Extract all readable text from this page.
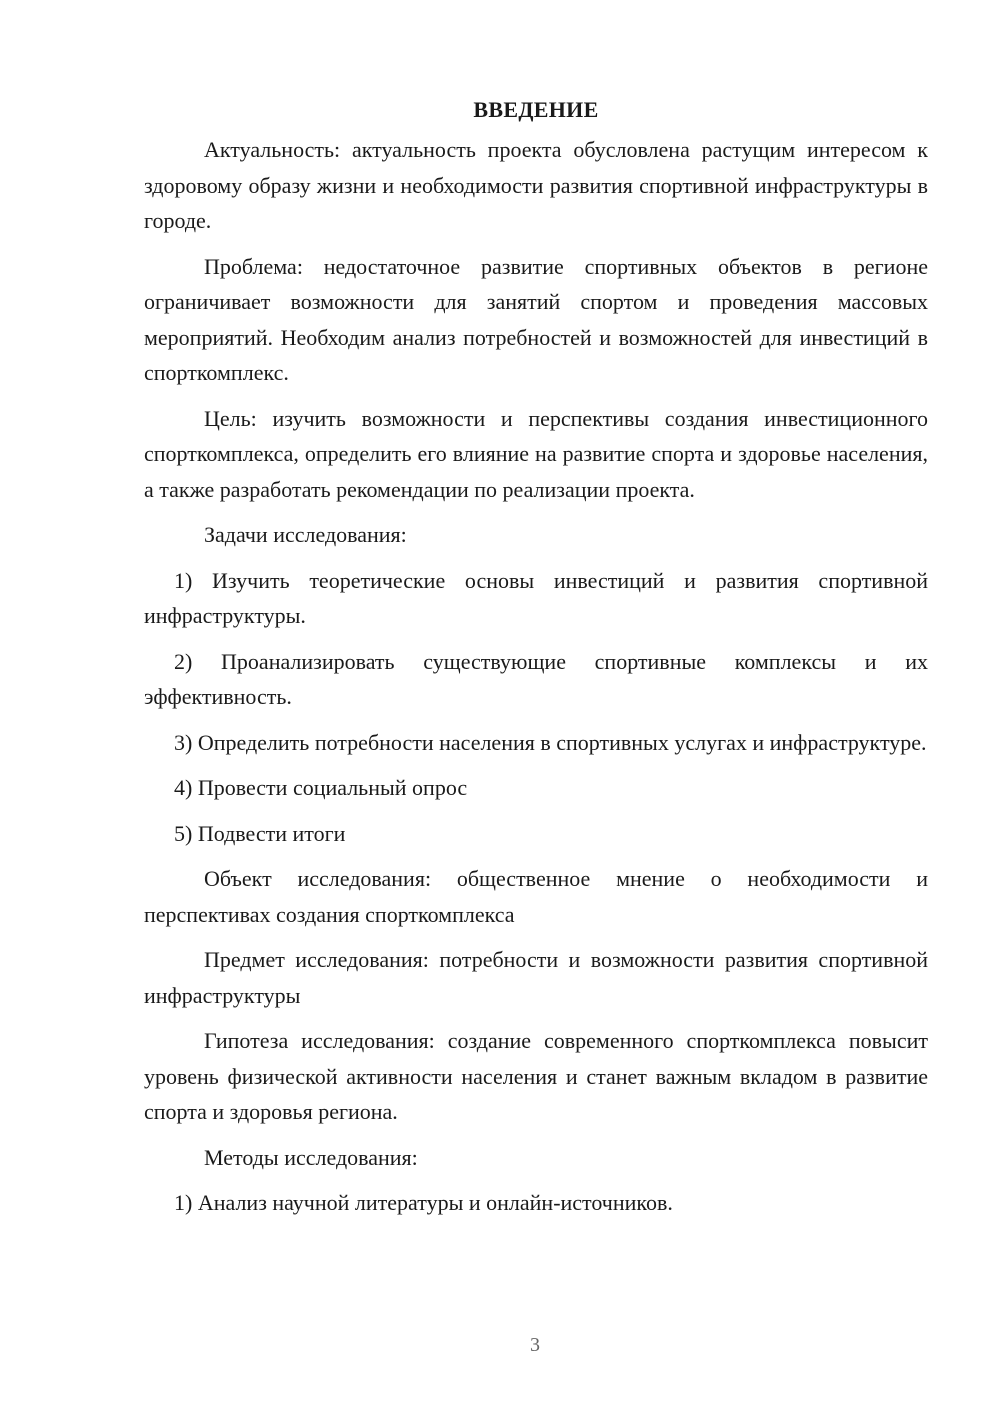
ВВЕДЕНИЕ

Актуальность: актуальность проекта обусловлена растущим интересом к здоровому образу жизни и необходимости развития спортивной инфраструктуры в городе.

Проблема: недостаточное развитие спортивных объектов в регионе ограничивает возможности для занятий спортом и проведения массовых мероприятий. Необходим анализ потребностей и возможностей для инвестиций в спорткомплекс.

Цель: изучить возможности и перспективы создания инвестиционного спорткомплекса, определить его влияние на развитие спорта и здоровье населения, а также разработать рекомендации по реализации проекта.

Задачи исследования:

1) Изучить теоретические основы инвестиций и развития спортивной инфраструктуры.

2) Проанализировать существующие спортивные комплексы и их эффективность.

3) Определить потребности населения в спортивных услугах и инфраструктуре.

4) Провести социальный опрос

5) Подвести итоги

Объект исследования: общественное мнение о необходимости и перспективах создания спорткомплекса

Предмет исследования: потребности и возможности развития спортивной инфраструктуры

Гипотеза исследования: создание современного спорткомплекса повысит уровень физической активности населения и станет важным вкладом в развитие спорта и здоровья региона.

Методы исследования:

1) Анализ научной литературы и онлайн-источников.

3
